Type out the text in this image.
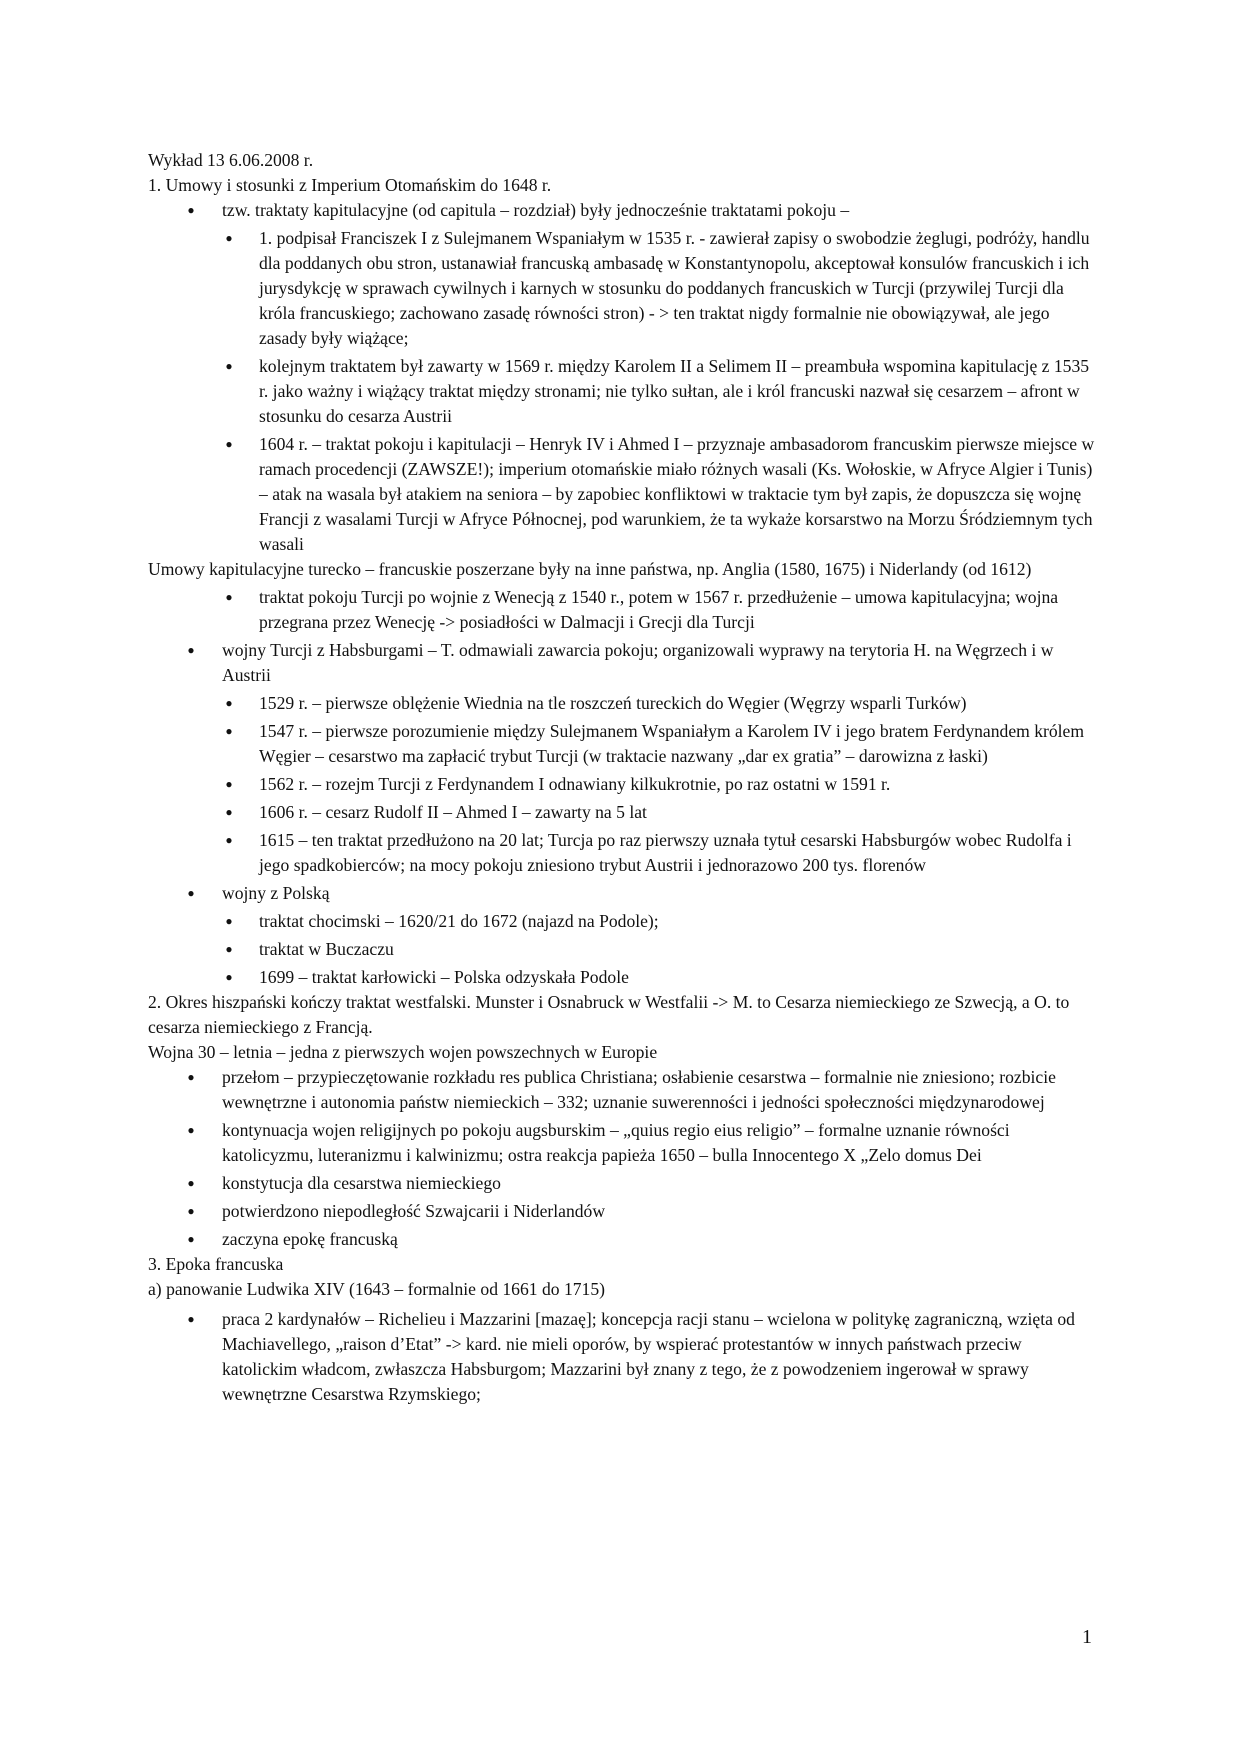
Wykład 13 6.06.2008 r.

1. Umowy i stosunki z Imperium Otomańskim do 1648 r.

● tzw. traktaty kapitulacyjne (od capitula – rozdział) były jednocześnie traktatami pokoju –
● 1. podpisał Franciszek I z Sulejmanem Wspaniałym w 1535 r. - zawierał zapisy o swobodzie żeglugi, podróży, handlu dla poddanych obu stron, ustanawiał francuską ambasadę w Konstantynopolu, akceptował konsulów francuskich i ich jurysdykcję w sprawach cywilnych i karnych w stosunku do poddanych francuskich w Turcji (przywilej Turcji dla króla francuskiego; zachowano zasadę równości stron) - > ten traktat nigdy formalnie nie obowiązywał, ale jego zasady były wiążące;
● kolejnym traktatem był zawarty w 1569 r. między Karolem II a Selimem II – preambuła wspomina kapitulację z 1535 r. jako ważny i wiążący traktat między stronami; nie tylko sułtan, ale i król francuski nazwał się cesarzem – afront w stosunku do cesarza Austrii
● 1604 r. – traktat pokoju i kapitulacji – Henryk IV i Ahmed I – przyznaje ambasadorom francuskim pierwsze miejsce w ramach procedencji (ZAWSZE!); imperium otomańskie miało różnych wasali (Ks. Wołoskie, w Afryce Algier i Tunis) – atak na wasala był atakiem na seniora – by zapobiec konfliktowi w traktacie tym był zapis, że dopuszcza się wojnę Francji z wasalami Turcji w Afryce Północnej, pod warunkiem, że ta wykaże korsarstwo na Morzu Śródziemnym tych wasali

Umowy kapitulacyjne turecko – francuskie poszerzane były na inne państwa, np. Anglia (1580, 1675) i Niderlandy (od 1612)

● traktat pokoju Turcji po wojnie z Wenecją z 1540 r., potem w 1567 r. przedłużenie – umowa kapitulacyjna; wojna przegrana przez Wenecję -> posiadłości w Dalmacji i Grecji dla Turcji
● wojny Turcji z Habsburgami – T. odmawiali zawarcia pokoju; organizowali wyprawy na terytoria H. na Węgrzech i w Austrii
● 1529 r. – pierwsze oblężenie Wiednia na tle roszczeń tureckich do Węgier (Węgrzy wsparli Turków)
● 1547 r. – pierwsze porozumienie między Sulejmanem Wspaniałym a Karolem IV i jego bratem Ferdynandem królem Węgier – cesarstwo ma zapłacić trybut Turcji (w traktacie nazwany „dar ex gratia” – darowizna z łaski)
● 1562 r. – rozejm Turcji z Ferdynandem I odnawiany kilkukrotnie, po raz ostatni w 1591 r.
● 1606 r. – cesarz Rudolf II – Ahmed I – zawarty na 5 lat
● 1615 – ten traktat przedłużono na 20 lat; Turcja po raz pierwszy uznała tytuł cesarski Habsburgów wobec Rudolfa i jego spadkobierców; na mocy pokoju zniesiono trybut Austrii i jednorazowo 200 tys. florenów
● wojny z Polską
● traktat chocimski – 1620/21 do 1672 (najazd na Podole);
● traktat w Buczaczu
● 1699 – traktat karłowicki – Polska odzyskała Podole

2. Okres hiszpański kończy traktat westfalski. Munster i Osnabruck w Westfalii -> M. to Cesarza niemieckiego ze Szwecją, a O. to cesarza niemieckiego z Francją.

Wojna 30 – letnia – jedna z pierwszych wojen powszechnych w Europie

● przełom – przypieczętowanie rozkładu res publica Christiana; osłabienie cesarstwa – formalnie nie zniesiono; rozbicie wewnętrzne i autonomia państw niemieckich – 332; uznanie suwerenności i jedności społeczności międzynarodowej
● kontynuacja wojen religijnych po pokoju augsburskim – „quius regio eius religio” – formalne uznanie równości katolicyzmu, luteranizmu i kalwinizmu; ostra reakcja papieża 1650 – bulla Innocentego X „Zelo domus Dei
● konstytucja dla cesarstwa niemieckiego
● potwierdzono niepodległość Szwajcarii i Niderlandów
● zaczyna epokę francuską

3. Epoka francuska

a) panowanie Ludwika XIV (1643 – formalnie od 1661 do 1715)

● praca 2 kardynałów – Richelieu i Mazzarini [mazaę]; koncepcja racji stanu – wcielona w politykę zagraniczną, wzięta od Machiavellego, „raison d’Etat” -> kard. nie mieli oporów, by wspierać protestantów w innych państwach przeciw katolickim władcom, zwłaszcza Habsburgom; Mazzarini był znany z tego, że z powodzeniem ingerował w sprawy wewnętrzne Cesarstwa Rzymskiego;
1
